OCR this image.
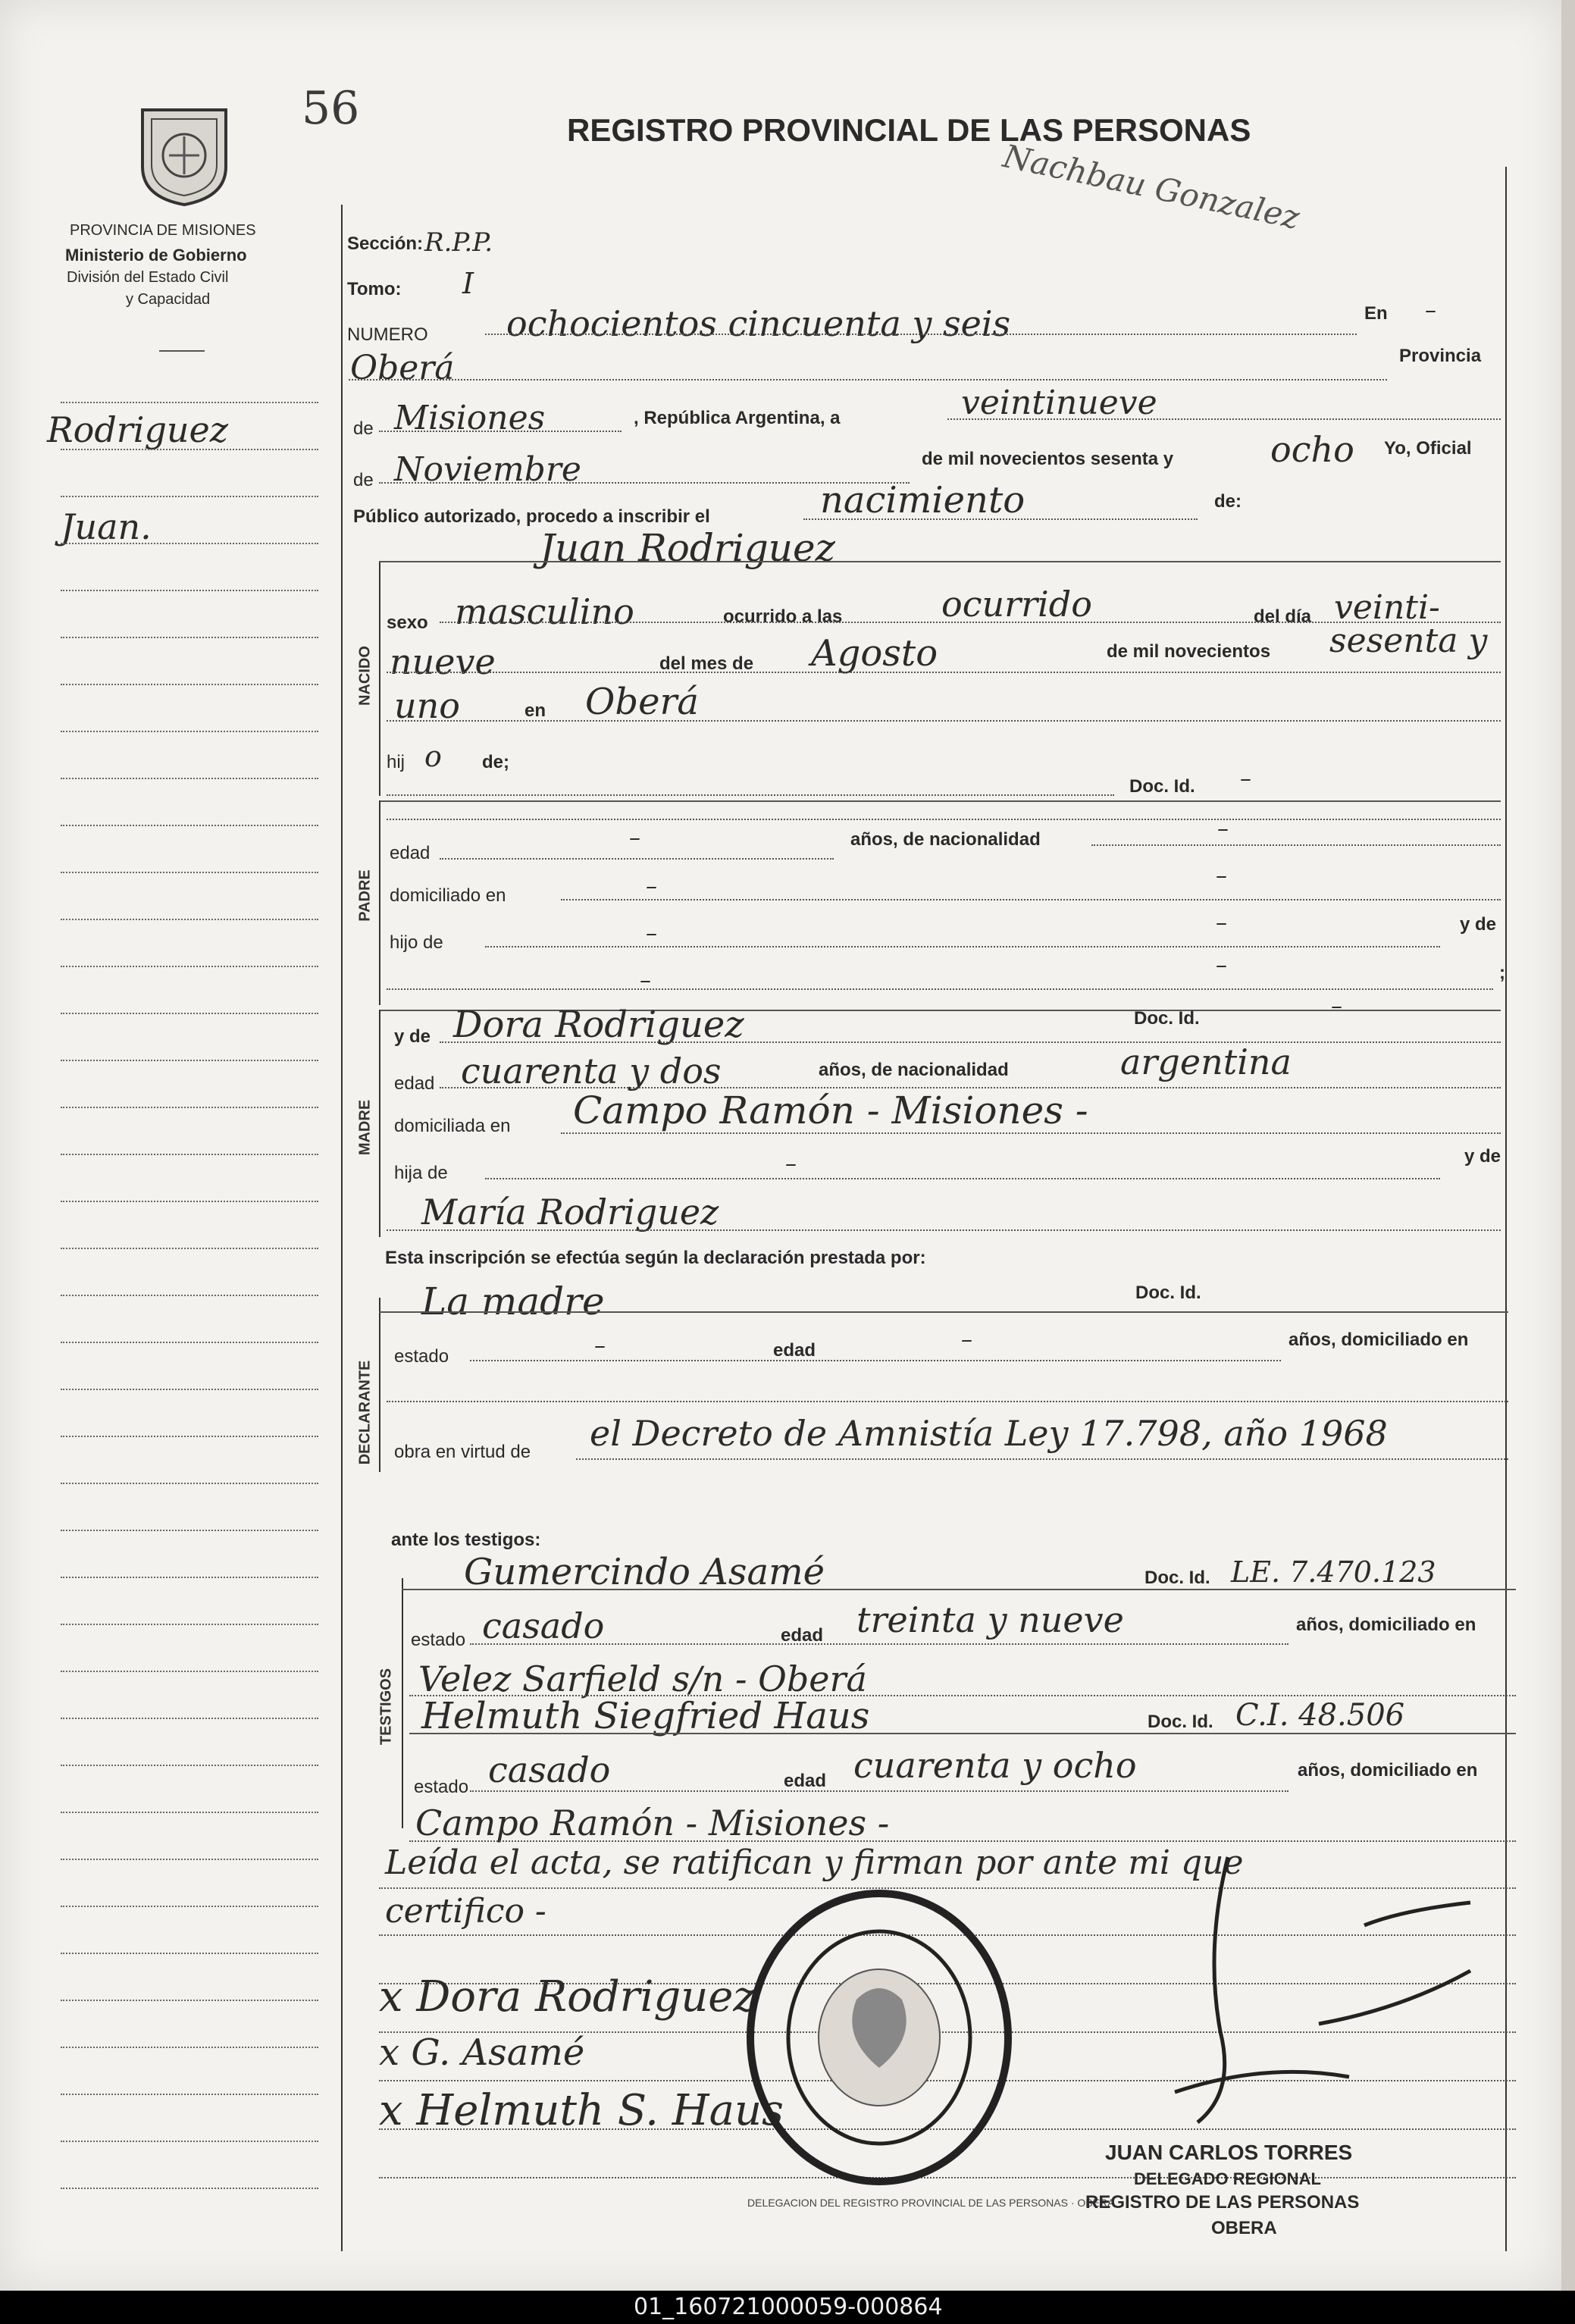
56
PROVINCIA DE MISIONES
Ministerio de Gobierno
División del Estado Civil
y Capacidad
REGISTRO PROVINCIAL DE LAS PERSONAS
Nachbau Gonzalez
Rodriguez
Juan.
Sección: R.P.P.
Tomo: I
NUMERO ochocientos cincuenta y seis	En –
Oberá	Provincia
de Misiones	, República Argentina, a	veintinueve
de Noviembre	de mil novecientos sesenta y	ocho Yo, Oficial
Público autorizado, procedo a inscribir el	nacimiento	de:
NACIDO
Juan Rodriguez
sexo masculino	ocurrido a las	ocurrido	del día veinti-
nueve	del mes de Agosto	de mil novecientos sesenta y
uno	en Oberá
hij o de;
Doc. Id. –
PADRE
edad
–	años, de nacionalidad	–
domiciliado en	–	–
hijo de	–	–	y de
–
–	;
MADRE
y de Dora Rodriguez	Doc. Id.	–
edad cuarenta y dos	años, de nacionalidad	argentina
domiciliada en Campo Ramón - Misiones -
hija de	–	y de
María Rodriguez
Esta inscripción se efectúa según la declaración prestada por:
DECLARANTE
La madre	Doc. Id.
estado	–	edad	–	años, domiciliado en
obra en virtud de el Decreto de Amnistía Ley 17.798, año 1968
ante los testigos:
TESTIGOS
Gumercindo Asamé	Doc. Id. LE. 7.470.123
estado casado	edad treinta y nueve	años, domiciliado en
Velez Sarfield s/n - Oberá
Helmuth Siegfried Haus	Doc. Id. C.I. 48.506
estado casado	edad cuarenta y ocho	años, domiciliado en
Campo Ramón - Misiones -
Leída el acta, se ratifican y firman por ante mi que
certifico -
x Dora Rodriguez
x G. Asamé
x Helmuth S. Haus
DELEGACION DEL REGISTRO PROVINCIAL DE LAS PERSONAS · OBERA
JUAN CARLOS TORRES
DELEGADO REGIONAL
REGISTRO DE LAS PERSONAS
OBERA
01_160721000059-000864
